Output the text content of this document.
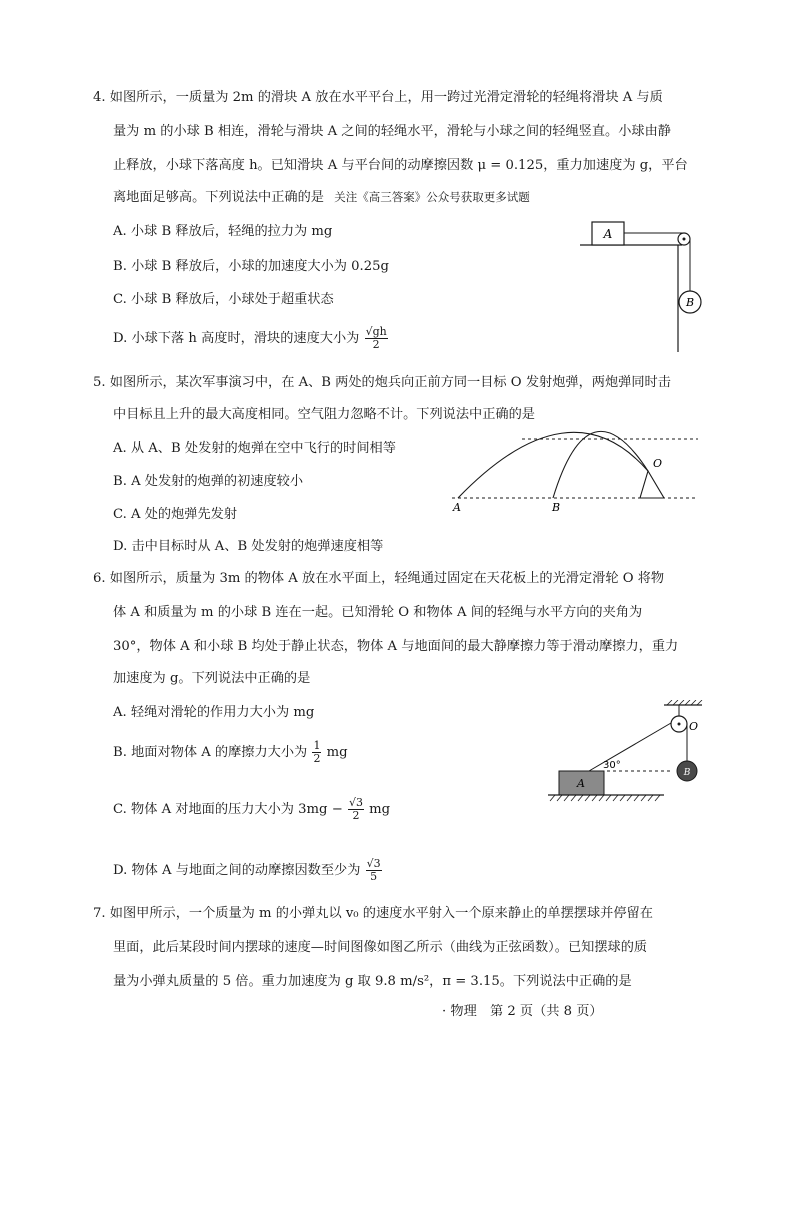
4. 如图所示，一质量为 2m 的滑块 A 放在水平平台上，用一跨过光滑定滑轮的轻绳将滑块 A 与质
量为 m 的小球 B 相连，滑轮与滑块 A 之间的轻绳水平，滑轮与小球之间的轻绳竖直。小球由静
止释放，小球下落高度 h。已知滑块 A 与平台间的动摩擦因数 μ = 0.125，重力加速度为 g，平台
离地面足够高。下列说法中正确的是 关注《高三答案》公众号获取更多试题
A. 小球 B 释放后，轻绳的拉力为 mg
B. 小球 B 释放后，小球的加速度大小为 0.25g
C. 小球 B 释放后，小球处于超重状态
D. 小球下落 h 高度时，滑块的速度大小为 $\frac{√gh}{2}$
A
B
5. 如图所示，某次军事演习中，在 A、B 两处的炮兵向正前方同一目标 O 发射炮弹，两炮弹同时击
中目标且上升的最大高度相同。空气阻力忽略不计。下列说法中正确的是
A. 从 A、B 处发射的炮弹在空中飞行的时间相等
B. A 处发射的炮弹的初速度较小
C. A 处的炮弹先发射
D. 击中目标时从 A、B 处发射的炮弹速度相等
A	B
O
6. 如图所示，质量为 3m 的物体 A 放在水平面上，轻绳通过固定在天花板上的光滑定滑轮 O 将物
体 A 和质量为 m 的小球 B 连在一起。已知滑轮 O 和物体 A 间的轻绳与水平方向的夹角为
30°，物体 A 和小球 B 均处于静止状态，物体 A 与地面间的最大静摩擦力等于滑动摩擦力，重力
加速度为 g。下列说法中正确的是
A. 轻绳对滑轮的作用力大小为 mg
B. 地面对物体 A 的摩擦力大小为 $\frac{1}{2}$ mg
C. 物体 A 对地面的压力大小为 $3mg - \frac{√3}{2}$ mg
D. 物体 A 与地面之间的动摩擦因数至少为 $\frac{√3}{5}$
O
30°
B
A
7. 如图甲所示，一个质量为 m 的小弹丸以 v₀ 的速度水平射入一个原来静止的单摆摆球并停留在
里面，此后某段时间内摆球的速度—时间图像如图乙所示（曲线为正弦函数）。已知摆球的质
量为小弹丸质量的 5 倍。重力加速度为 g 取 9.8 m/s²，π = 3.15。下列说法中正确的是
· 物理　第 2 页（共 8 页）
